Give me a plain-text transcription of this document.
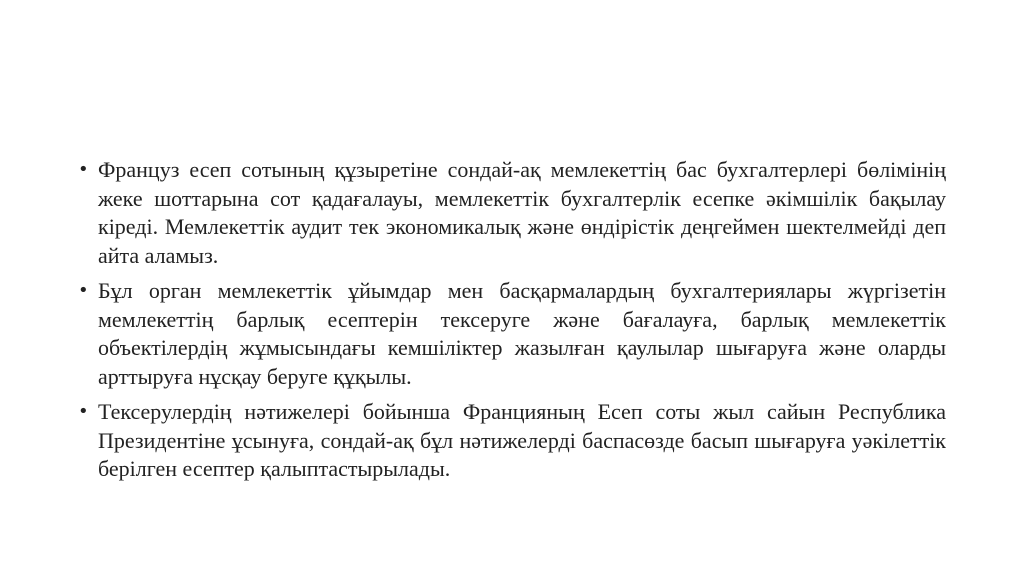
• Француз есеп сотының құзыретіне сондай-ақ мемлекеттің бас бухгалтерлері бөлімінің жеке шоттарына сот қадағалауы, мемлекеттік бухгалтерлік есепке әкімшілік бақылау кіреді. Мемлекеттік аудит тек экономикалық және өндірістік деңгеймен шектелмейді деп айта аламыз.
• Бұл орган мемлекеттік ұйымдар мен басқармалардың бухгалтериялары жүргізетін мемлекеттің барлық есептерін тексеруге және бағалауға, барлық мемлекеттік объектілердің жұмысындағы кемшіліктер жазылған қаулылар шығаруға және оларды арттыруға нұсқау беруге құқылы.
• Тексерулердің нәтижелері бойынша Францияның Есеп соты жыл сайын Республика Президентіне ұсынуға, сондай-ақ бұл нәтижелерді баспасөзде басып шығаруға уәкілеттік берілген есептер қалыптастырылады.
